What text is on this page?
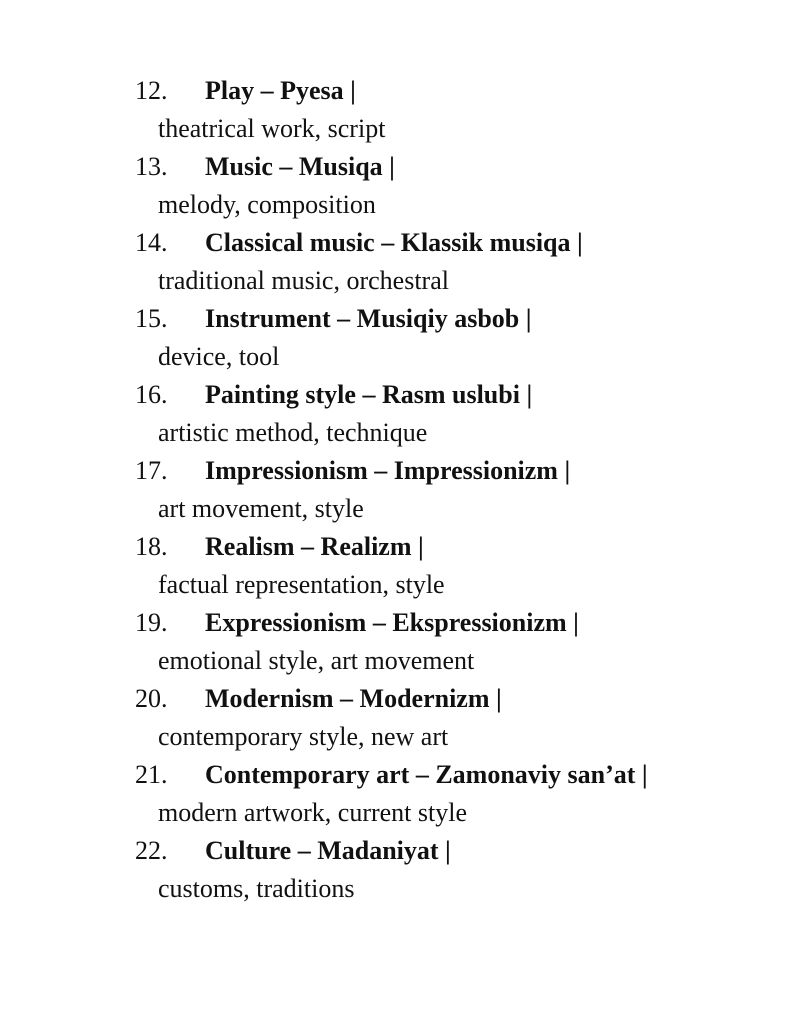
12. Play – Pyesa |
theatrical work, script
13. Music – Musiqa |
melody, composition
14. Classical music – Klassik musiqa |
traditional music, orchestral
15. Instrument – Musiqiy asbob |
device, tool
16. Painting style – Rasm uslubi |
artistic method, technique
17. Impressionism – Impressionizm |
art movement, style
18. Realism – Realizm |
factual representation, style
19. Expressionism – Ekspressionizm |
emotional style, art movement
20. Modernism – Modernizm |
contemporary style, new art
21. Contemporary art – Zamonaviy san’at |
modern artwork, current style
22. Culture – Madaniyat |
customs, traditions
